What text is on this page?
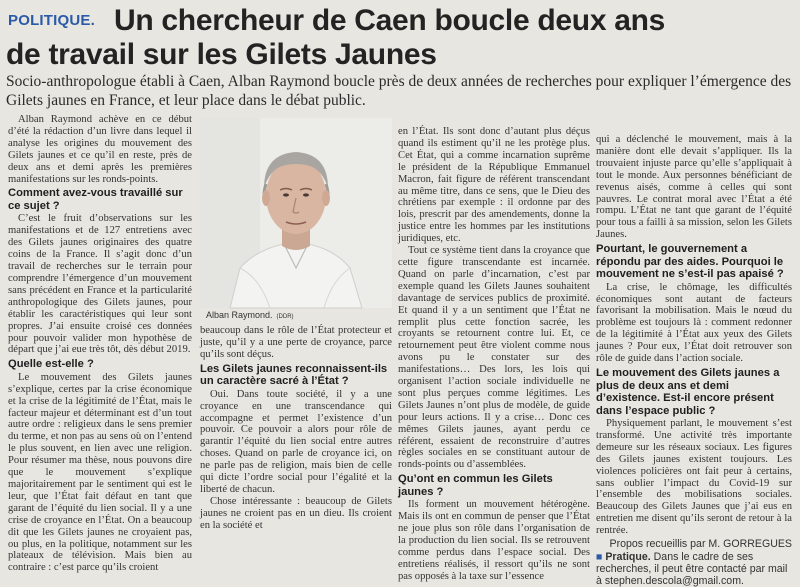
Un chercheur de Caen boucle deux ans
de travail sur les Gilets Jaunes
POLITIQUE.
Socio-anthropologue établi à Caen, Alban Raymond boucle près de deux années de recherches pour expliquer l’émergence des Gilets jaunes en France, et leur place dans le débat public.

Alban Raymond achève en ce début d’été la rédaction d’un livre dans lequel il analyse les origines du mouvement des Gilets jaunes et ce qu’il en reste, près de deux ans et demi après les premières manifestations sur les ronds-points.

Comment avez-vous travaillé sur ce sujet ?

C’est le fruit d’observations sur les manifestations et de 127 entretiens avec des Gilets jaunes originaires des quatre coins de la France. Il s’agit donc d’un travail de recherches sur le terrain pour comprendre l’émergence d’un mouvement sans précédent en France et la particularité anthropologique des Gilets jaunes, pour établir les caractéristiques qui leur sont propres. J’ai ensuite croisé ces données pour pouvoir valider mon hypothèse de départ que j’ai eue très tôt, dès début 2019.

Quelle est-elle ?

Le mouvement des Gilets jaunes s’explique, certes par la crise économique et la crise de la légitimité de l’État, mais le facteur majeur et déterminant est d’un tout autre ordre : religieux dans le sens premier du terme, et non pas au sens où on l’entend le plus souvent, en lien avec une religion. Pour résumer ma thèse, nous pouvons dire que le mouvement s’explique majoritairement par le sentiment qui est le leur, que l’État fait défaut en tant que garant de l’équité du lien social. Il y a une crise de croyance en l’État. On a beaucoup dit que les Gilets jaunes ne croyaient pas, ou plus, en la politique, notamment sur les plateaux de télévision. Mais bien au contraire : c’est parce qu’ils croient

Alban Raymond. (DDR)

beaucoup dans le rôle de l’État protecteur et juste, qu’il y a une perte de croyance, parce qu’ils sont déçus.

Les Gilets jaunes reconnaissent-ils un caractère sacré à l’État ?

Oui. Dans toute société, il y a une croyance en une transcendance qui accompagne et permet l’existence d’un pouvoir. Ce pouvoir a alors pour rôle de garantir l’équité du lien social entre autres choses. Quand on parle de croyance ici, on ne parle pas de religion, mais bien de celle qui dicte l’ordre social pour l’égalité et la liberté de chacun.

Chose intéressante : beaucoup de Gilets jaunes ne croient pas en un dieu. Ils croient en la société et

en l’État. Ils sont donc d’autant plus déçus quand ils estiment qu’il ne les protège plus. Cet État, qui a comme incarnation suprême le président de la République Emmanuel Macron, fait figure de référent transcendant au même titre, dans ce sens, que le Dieu des chrétiens par exemple : il ordonne par des lois, prescrit par des amendements, donne la justice entre les hommes par les institutions juridiques, etc.

Tout ce système tient dans la croyance que cette figure transcendante est incarnée. Quand on parle d’incarnation, c’est par exemple quand les Gilets Jaunes souhaitent davantage de services publics de proximité. Et quand il y a un sentiment que l’État ne remplit plus cette fonction sacrée, les croyants se retournent contre lui. Et, ce retournement peut être violent comme nous avons pu le constater sur des manifestations… Des lors, les lois qui organisent l’action sociale individuelle ne sont plus perçues comme légitimes. Les Gilets Jaunes n’ont plus de modèle, de guide pour leurs actions. Il y a crise… Donc ces mêmes Gilets jaunes, ayant perdu ce référent, essaient de reconstruire d’autres règles sociales en se constituant autour de ronds-points ou d’assemblées.

Qu’ont en commun les Gilets jaunes ?

Ils forment un mouvement hétérogène. Mais ils ont en commun de penser que l’État ne joue plus son rôle dans l’organisation de la production du lien social. Ils se retrouvent comme perdus dans l’espace social. Des entretiens réalisés, il ressort qu’ils ne sont pas opposés à la taxe sur l’essence

qui a déclenché le mouvement, mais à la manière dont elle devait s’appliquer. Ils la trouvaient injuste parce qu’elle s’appliquait à tout le monde. Aux personnes bénéficiant de revenus aisés, comme à celles qui sont pauvres. Le contrat moral avec l’État a été rompu. L’État ne tant que garant de l’équité pour tous a failli à sa mission, selon les Gilets Jaunes.

Pourtant, le gouvernement a répondu par des aides. Pourquoi le mouvement ne s’est-il pas apaisé ?

La crise, le chômage, les difficultés économiques sont autant de facteurs favorisant la mobilisation. Mais le nœud du problème est toujours là : comment redonner de la légitimité à l’État aux yeux des Gilets jaunes ? Pour eux, l’État doit retrouver son rôle de guide dans l’action sociale.

Le mouvement des Gilets jaunes a plus de deux ans et demi d’existence. Est-il encore présent dans l’espace public ?

Physiquement parlant, le mouvement s’est transformé. Une activité très importante demeure sur les réseaux sociaux. Les figures des Gilets jaunes existent toujours. Les violences policières ont fait peur à certains, sans oublier l’impact du Covid-19 sur l’ensemble des mobilisations sociales. Beaucoup des Gilets Jaunes que j’ai eus en entretien me disent qu’ils seront de retour à la rentrée.

Propos recueillis par M. GORREGUES
■ Pratique. Dans le cadre de ses recherches, il peut être contacté par mail à stephen.descola@gmail.com.
